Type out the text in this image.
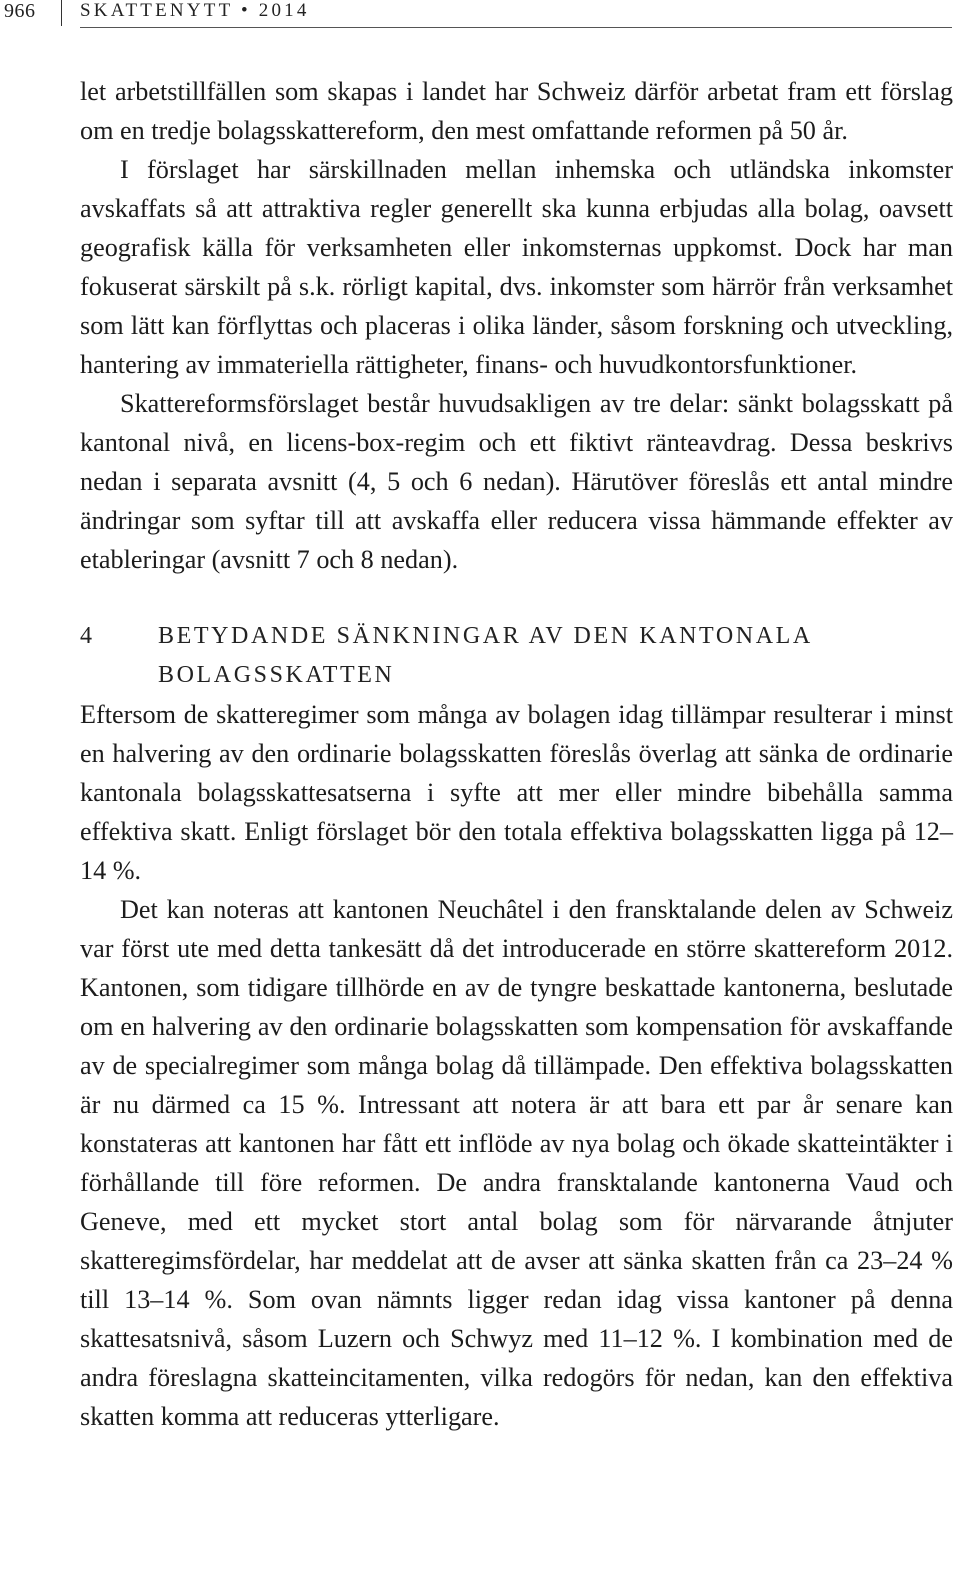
966 SKATTENYTT • 2014

let arbetstillfällen som skapas i landet har Schweiz därför arbetat fram ett förslag om en tredje bolagsskattereform, den mest omfattande reformen på 50 år.

I förslaget har särskillnaden mellan inhemska och utländska inkomster avskaffats så att attraktiva regler generellt ska kunna erbjudas alla bolag, oavsett geografisk källa för verksamheten eller inkomsternas uppkomst. Dock har man fokuserat särskilt på s.k. rörligt kapital, dvs. inkomster som härrör från verksamhet som lätt kan förflyttas och placeras i olika länder, såsom forskning och utveckling, hantering av immateriella rättigheter, finans- och huvudkontorsfunktioner.

Skattereformsförslaget består huvudsakligen av tre delar: sänkt bolagsskatt på kantonal nivå, en licens-box-regim och ett fiktivt ränteavdrag. Dessa beskrivs nedan i separata avsnitt (4, 5 och 6 nedan). Härutöver föreslås ett antal mindre ändringar som syftar till att avskaffa eller reducera vissa hämmande effekter av etableringar (avsnitt 7 och 8 nedan).

4	BETYDANDE SÄNKNINGAR AV DEN KANTONALA BOLAGSSKATTEN

Eftersom de skatteregimer som många av bolagen idag tillämpar resulterar i minst en halvering av den ordinarie bolagsskatten föreslås överlag att sänka de ordinarie kantonala bolagsskattesatserna i syfte att mer eller mindre bibehålla samma effektiva skatt. Enligt förslaget bör den totala effektiva bolagsskatten ligga på 12–14 %.

Det kan noteras att kantonen Neuchâtel i den fransktalande delen av Schweiz var först ute med detta tankesätt då det introducerade en större skattereform 2012. Kantonen, som tidigare tillhörde en av de tyngre beskattade kantonerna, beslutade om en halvering av den ordinarie bolagsskatten som kompensation för avskaffande av de specialregimer som många bolag då tillämpade. Den effektiva bolagsskatten är nu därmed ca 15 %. Intressant att notera är att bara ett par år senare kan konstateras att kantonen har fått ett inflöde av nya bolag och ökade skatteintäkter i förhållande till före reformen. De andra fransktalande kantonerna Vaud och Geneve, med ett mycket stort antal bolag som för närvarande åtnjuter skatteregimsfördelar, har meddelat att de avser att sänka skatten från ca 23–24 % till 13–14 %. Som ovan nämnts ligger redan idag vissa kantoner på denna skattesatsnivå, såsom Luzern och Schwyz med 11–12 %. I kombination med de andra föreslagna skatteincitamenten, vilka redogörs för nedan, kan den effektiva skatten komma att reduceras ytterligare.
